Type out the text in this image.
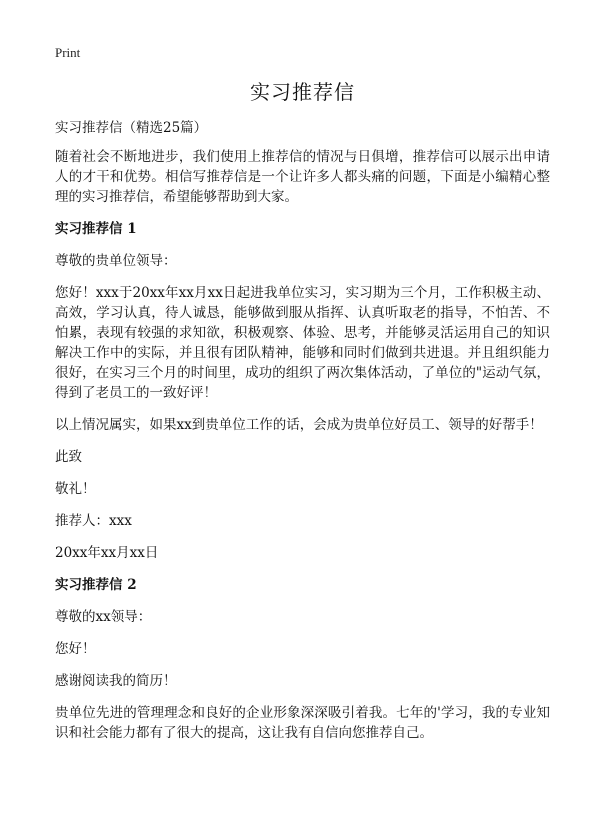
Print
实习推荐信

实习推荐信（精选25篇）

随着社会不断地进步，我们使用上推荐信的情况与日俱增，推荐信可以展示出申请人的才干和优势。相信写推荐信是一个让许多人都头痛的问题，下面是小编精心整理的实习推荐信，希望能够帮助到大家。

实习推荐信 1

尊敬的贵单位领导：

您好！xxx于20xx年xx月xx日起进我单位实习，实习期为三个月，工作积极主动、高效，学习认真，待人诚恳，能够做到服从指挥、认真听取老的指导，不怕苦、不怕累，表现有较强的求知欲，积极观察、体验、思考，并能够灵活运用自己的知识解决工作中的实际，并且很有团队精神，能够和同时们做到共进退。并且组织能力很好，在实习三个月的时间里，成功的组织了两次集体活动，了单位的"运动气氛，得到了老员工的一致好评！

以上情况属实，如果xx到贵单位工作的话，会成为贵单位好员工、领导的好帮手！

此致

敬礼！

推荐人：xxx

20xx年xx月xx日

实习推荐信 2

尊敬的xx领导：

您好！

感谢阅读我的简历！

贵单位先进的管理理念和良好的企业形象深深吸引着我。七年的'学习，我的专业知识和社会能力都有了很大的提高，这让我有自信向您推荐自己。
